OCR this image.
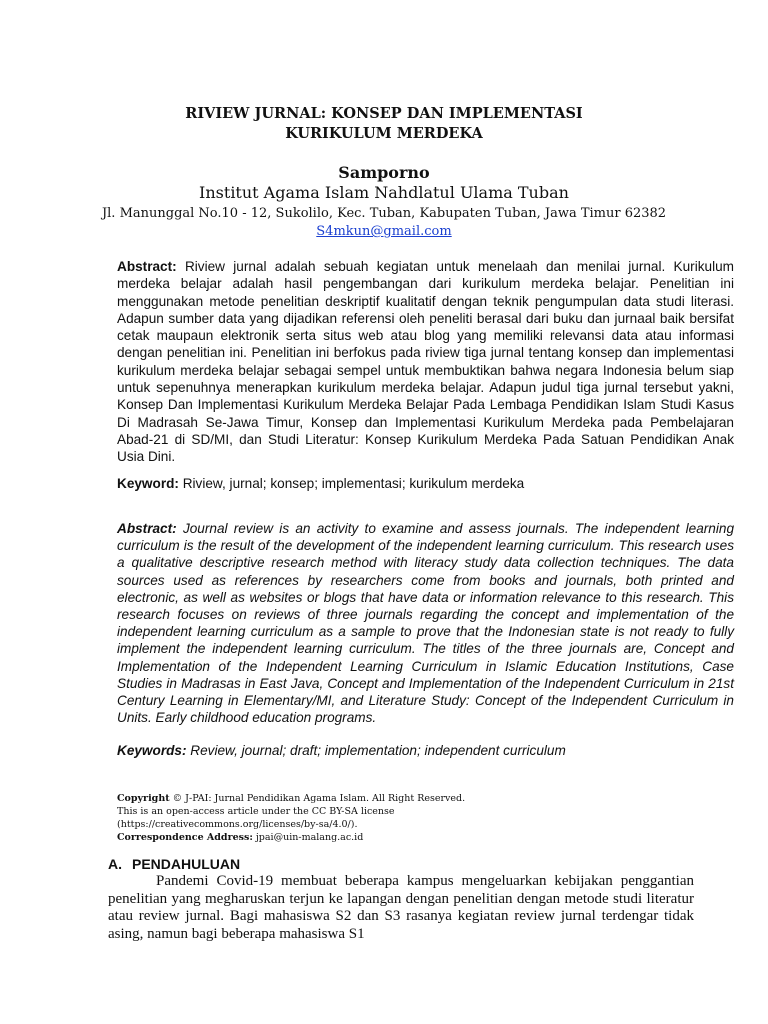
RIVIEW JURNAL: KONSEP DAN IMPLEMENTASI
KURIKULUM MERDEKA
Samporno
Institut Agama Islam Nahdlatul Ulama Tuban
Jl. Manunggal No.10 - 12, Sukolilo, Kec. Tuban, Kabupaten Tuban, Jawa Timur 62382
S4mkun@gmail.com
Abstract: Riview jurnal adalah sebuah kegiatan untuk menelaah dan menilai jurnal. Kurikulum merdeka belajar adalah hasil pengembangan dari kurikulum merdeka belajar. Penelitian ini menggunakan metode penelitian deskriptif kualitatif dengan teknik pengumpulan data studi literasi. Adapun sumber data yang dijadikan referensi oleh peneliti berasal dari buku dan jurnaal baik bersifat cetak maupaun elektronik serta situs web atau blog yang memiliki relevansi data atau informasi dengan penelitian ini. Penelitian ini berfokus pada riview tiga jurnal tentang konsep dan implementasi kurikulum merdeka belajar sebagai sempel untuk membuktikan bahwa negara Indonesia belum siap untuk sepenuhnya menerapkan kurikulum merdeka belajar. Adapun judul tiga jurnal tersebut yakni, Konsep Dan Implementasi Kurikulum Merdeka Belajar Pada Lembaga Pendidikan Islam Studi Kasus Di Madrasah Se-Jawa Timur, Konsep dan Implementasi Kurikulum Merdeka pada Pembelajaran Abad-21 di SD/MI, dan Studi Literatur: Konsep Kurikulum Merdeka Pada Satuan Pendidikan Anak Usia Dini.
Keyword: Riview, jurnal; konsep; implementasi; kurikulum merdeka
Abstract: Journal review is an activity to examine and assess journals. The independent learning curriculum is the result of the development of the independent learning curriculum. This research uses a qualitative descriptive research method with literacy study data collection techniques. The data sources used as references by researchers come from books and journals, both printed and electronic, as well as websites or blogs that have data or information relevance to this research. This research focuses on reviews of three journals regarding the concept and implementation of the independent learning curriculum as a sample to prove that the Indonesian state is not ready to fully implement the independent learning curriculum. The titles of the three journals are, Concept and Implementation of the Independent Learning Curriculum in Islamic Education Institutions, Case Studies in Madrasas in East Java, Concept and Implementation of the Independent Curriculum in 21st Century Learning in Elementary/MI, and Literature Study: Concept of the Independent Curriculum in Units. Early childhood education programs.
Keywords: Review, journal; draft; implementation; independent curriculum
Copyright © J-PAI: Jurnal Pendidikan Agama Islam. All Right Reserved.
This is an open-access article under the CC BY-SA license
(https://creativecommons.org/licenses/by-sa/4.0/).
Correspondence Address: jpai@uin-malang.ac.id
A. PENDAHULUAN
Pandemi Covid-19 membuat beberapa kampus mengeluarkan kebijakan penggantian penelitian yang megharuskan terjun ke lapangan dengan penelitian dengan metode studi literatur atau review jurnal. Bagi mahasiswa S2 dan S3 rasanya kegiatan review jurnal terdengar tidak asing, namun bagi beberapa mahasiswa S1
